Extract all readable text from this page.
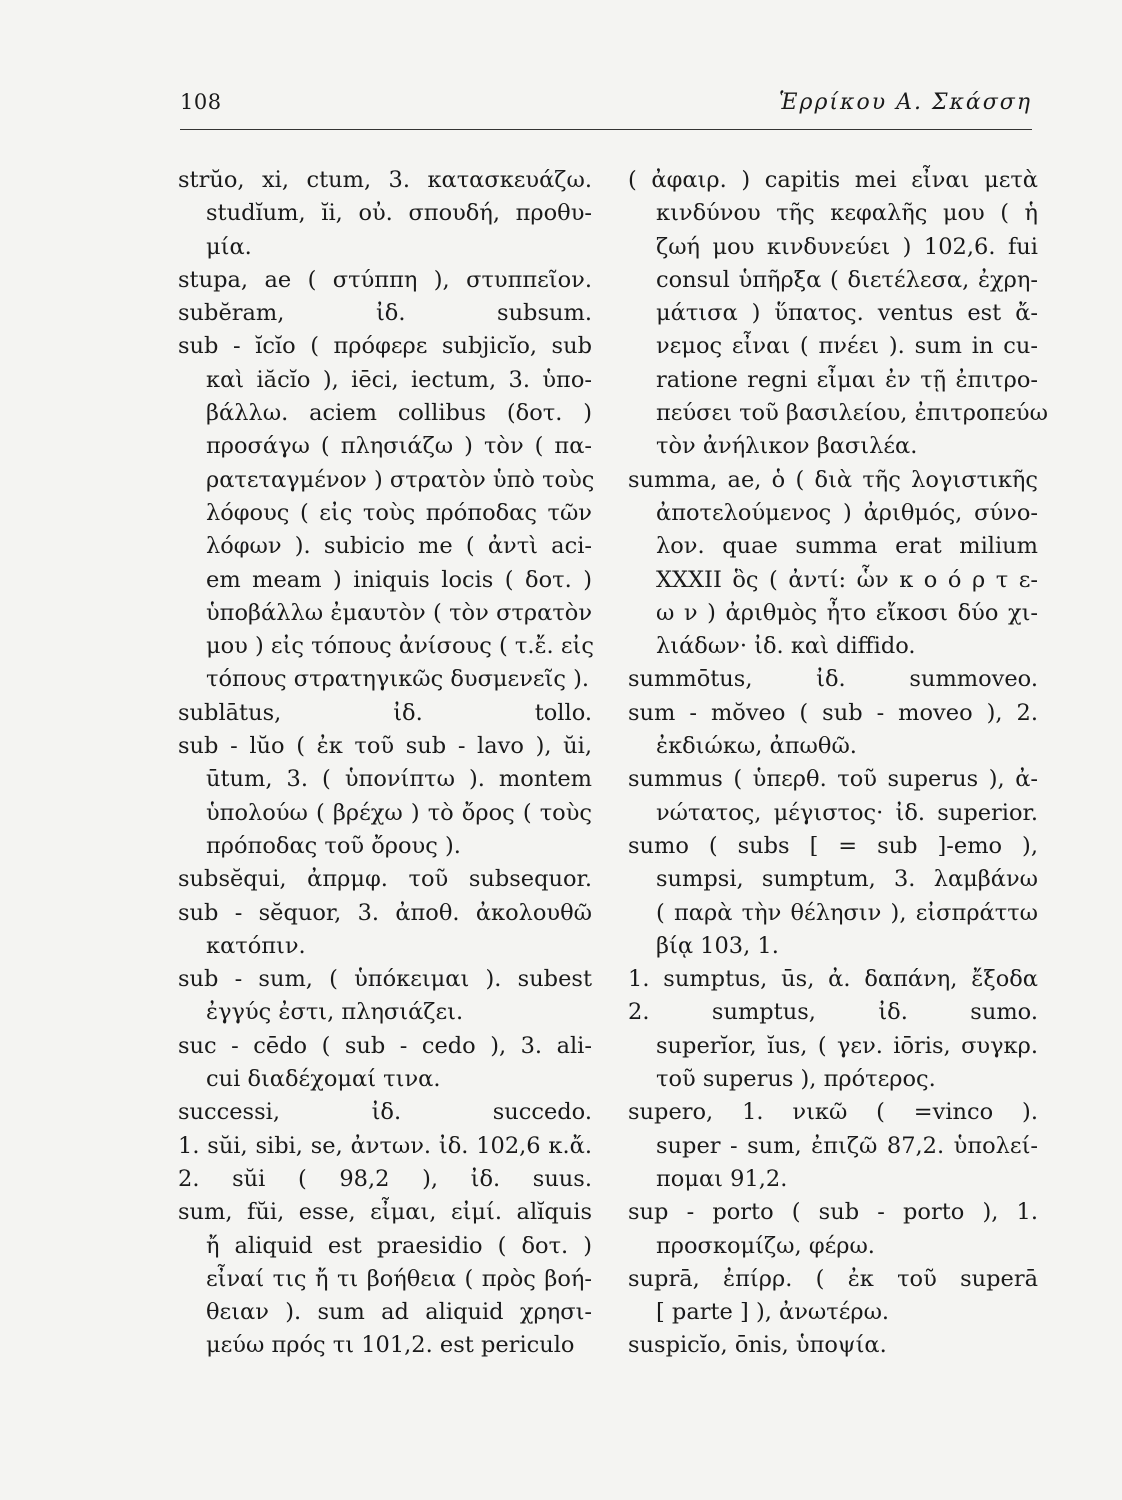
108	Ἑρρίκου Α. Σκάσση
strŭo, xi, ctum, 3. κατασκευάζω.
studĭum, ĭi, οὐ. σπουδή, προθυ-
μία.
stupa, ae ( στύππη ), στυππεῖον.
subĕram, ἰδ. subsum.
sub - ĭcĭo ( πρόφερε subjicĭo, sub
καὶ iăcĭo ), iēci, iectum, 3. ὑπο-
βάλλω. aciem collibus (δοτ. )
προσάγω ( πλησιάζω ) τὸν ( πα-
ρατεταγμένον ) στρατὸν ὑπὸ τοὺς
λόφους ( εἰς τοὺς πρόποδας τῶν
λόφων ). subicio me ( ἀντὶ aci-
em meam ) iniquis locis ( δοτ. )
ὑποβάλλω ἐμαυτὸν ( τὸν στρατὸν
μου ) εἰς τόπους ἀνίσους ( τ.ἔ. εἰς
τόπους στρατηγικῶς δυσμενεῖς ).
sublātus, ἰδ. tollo.
sub - lŭo ( ἐκ τοῦ sub - lavo ), ŭi,
ūtum, 3. ( ὑπονίπτω ). montem
ὑπολούω ( βρέχω ) τὸ ὄρος ( τοὺς
πρόποδας τοῦ ὄρους ).
subsĕqui, ἀπρμφ. τοῦ subsequor.
sub - sĕquor, 3. ἀποθ. ἀκολουθῶ
κατόπιν.
sub - sum, ( ὑπόκειμαι ). subest
ἐγγύς ἐστι, πλησιάζει.
suc - cēdo ( sub - cedo ), 3. ali-
cui διαδέχομαί τινα.
successi, ἰδ. succedo.
1. sŭi, sibi, se, ἀντων. ἰδ. 102,6 κ.ἄ.
2. sŭi ( 98,2 ), ἰδ. suus.
sum, fŭi, esse, εἶμαι, εἰμί. alĭquis
ἤ aliquid est praesidio ( δοτ. )
εἶναί τις ἤ τι βοήθεια ( πρὸς βοή-
θειαν ). sum ad aliquid χρησι-
μεύω πρός τι 101,2. est periculo
( ἀφαιρ. ) capitis mei εἶναι μετὰ
κινδύνου τῆς κεφαλῆς μου ( ἡ
ζωή μου κινδυνεύει ) 102,6. fui
consul ὑπῆρξα ( διετέλεσα, ἐχρη-
μάτισα ) ὕπατος. ventus est ἄ-
νεμος εἶναι ( πνέει ). sum in cu-
ratione regni εἶμαι ἐν τῇ ἐπιτρο-
πεύσει τοῦ βασιλείου, ἐπιτροπεύω
τὸν ἀνήλικον βασιλέα.
summa, ae, ὁ ( διὰ τῆς λογιστικῆς
ἀποτελούμενος ) ἀριθμός, σύνο-
λον. quae summa erat milium
XXXII ὃς ( ἀντί: ὧν κ ο ό ρ τ ε-
ω ν ) ἀριθμὸς ἦτο εἴκοσι δύο χι-
λιάδων· ἰδ. καὶ diffido.
summōtus, ἰδ. summoveo.
sum - mŏveo ( sub - moveo ), 2.
ἐκδιώκω, ἀπωθῶ.
summus ( ὑπερθ. τοῦ superus ), ἀ-
νώτατος, μέγιστος· ἰδ. superior.
sumo ( subs [ = sub ]-emo ),
sumpsi, sumptum, 3. λαμβάνω
( παρὰ τὴν θέλησιν ), εἰσπράττω
βίᾳ 103, 1.
1. sumptus, ūs, ἀ. δαπάνη, ἔξοδα
2. sumptus, ἰδ. sumo.
superĭor, ĭus, ( γεν. iōris, συγκρ.
τοῦ superus ), πρότερος.
supero, 1. νικῶ ( =vinco ).
super - sum, ἐπιζῶ 87,2. ὑπολεί-
πομαι 91,2.
sup - porto ( sub - porto ), 1.
προσκομίζω, φέρω.
suprā, ἐπίρρ. ( ἐκ τοῦ superā
[ parte ] ), ἀνωτέρω.
suspicĭo, ōnis, ὑποψία.
